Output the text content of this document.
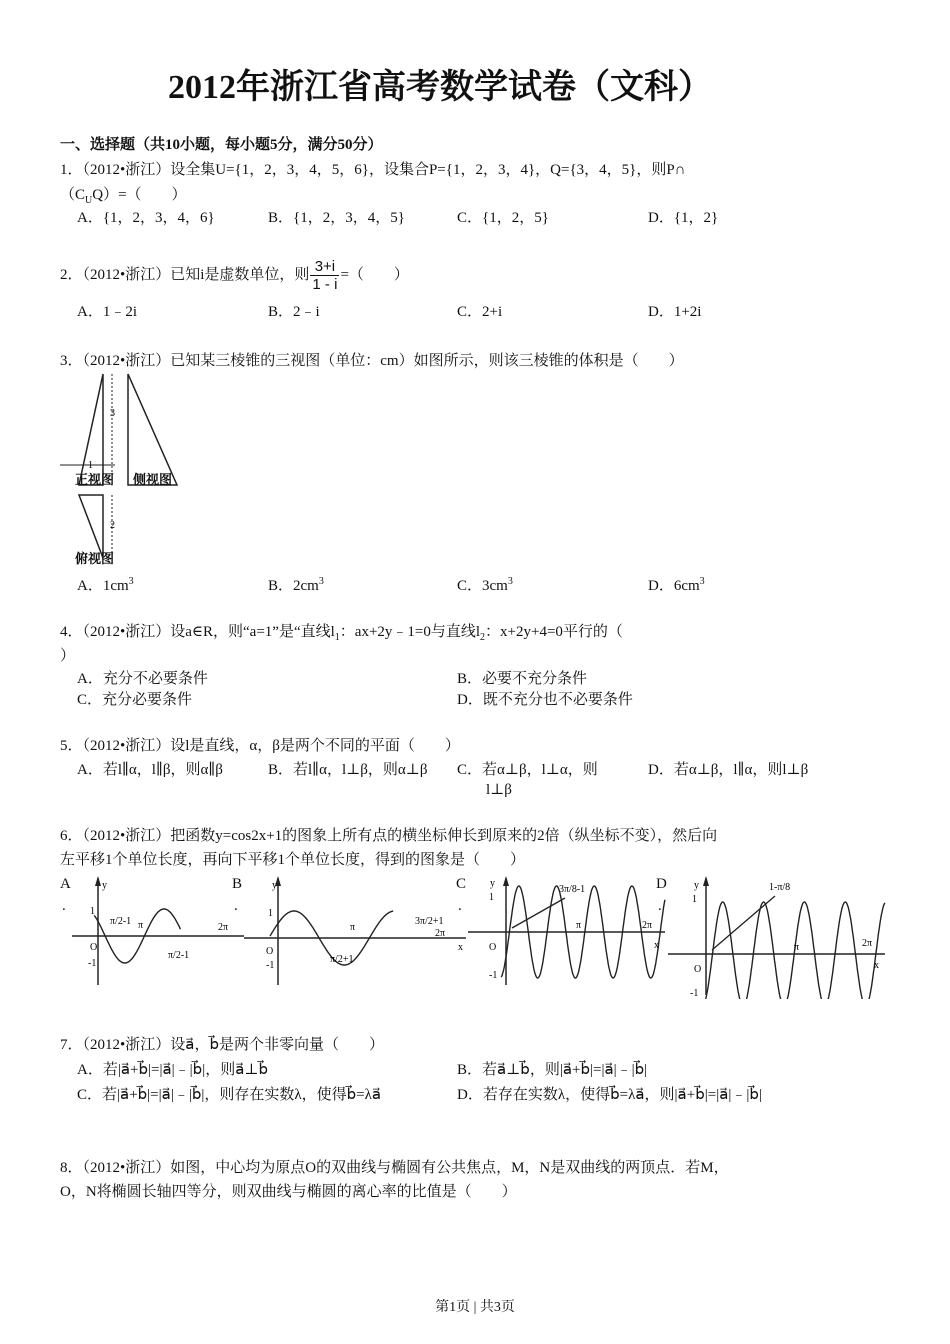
2012年浙江省高考数学试卷（文科）
一、选择题（共10小题，每小题5分，满分50分）
1．（2012•浙江）设全集U={1，2，3，4，5，6}，设集合P={1，2，3，4}，Q={3，4，5}，则P∩
$(C_UQ)=$（　　）
A．{1，2，3，4，6}	B．{1，2，3，4，5}	C．{1，2，5}	D．{1，2}
2．（2012•浙江）已知i是虚数单位，则 $\frac{3+i}{1 - i}$ =（　　）
A．1﹣2i	B．2﹣i	C．2+i	D．1+2i
3．（2012•浙江）已知某三棱锥的三视图（单位：cm）如图所示，则该三棱锥的体积是（　　）
3
1
2
正视图 侧视图
俯视图
A．$1cm^3$	B．$2cm^3$	C．$3cm^3$	D．$6cm^3$
4．（2012•浙江）设a∈R，则“a=1”是“直线$l_1$：ax+2y﹣1=0与直线$l_2$：x+2y+4=0平行的（
）
A．充分不必要条件	B．必要不充分条件
C．充分必要条件	D．既不充分也不必要条件
5．（2012•浙江）设l是直线，α，β是两个不同的平面（　　）
A．若l∥α，l∥β，则α∥β	B．若l∥α，l⊥β，则α⊥β C．若α⊥β，l⊥α，则
l⊥β
D．若α⊥β，l∥α，则l⊥β
6．（2012•浙江）把函数y=cos2x+1的图象上所有点的横坐标伸长到原来的2倍（纵坐标不变），然后向
左平移1个单位长度，再向下平移1个单位长度，得到的图象是（　　）
A
.
y
O
1
-1
π/2-1 π
π/2-1
2π
B
.
y
O
1
-1
π/2+1
π
3π/2+1
2π
x
C
.
y
O
1
-1
3π/8-1
π	2π
x
D
.
y
O
1
-1
1-π/8
π	2π
x
7．（2012•浙江）设a⃗，b⃗是两个非零向量（　　）
A．若|a⃗+b⃗|=|a⃗|﹣|b⃗|，则a⃗⊥b⃗	B．若a⃗⊥b⃗，则|a⃗+b⃗|=|a⃗|﹣|b⃗|
C．若|a⃗+b⃗|=|a⃗|﹣|b⃗|，则存在实数λ，使得b⃗=λa⃗	D．若存在实数λ，使得b⃗=λa⃗，则|a⃗+b⃗|=|a⃗|﹣|b⃗|
8．（2012•浙江）如图，中心均为原点O的双曲线与椭圆有公共焦点，M，N是双曲线的两顶点．若M，
O，N将椭圆长轴四等分，则双曲线与椭圆的离心率的比值是（　　）
第1页 | 共3页
